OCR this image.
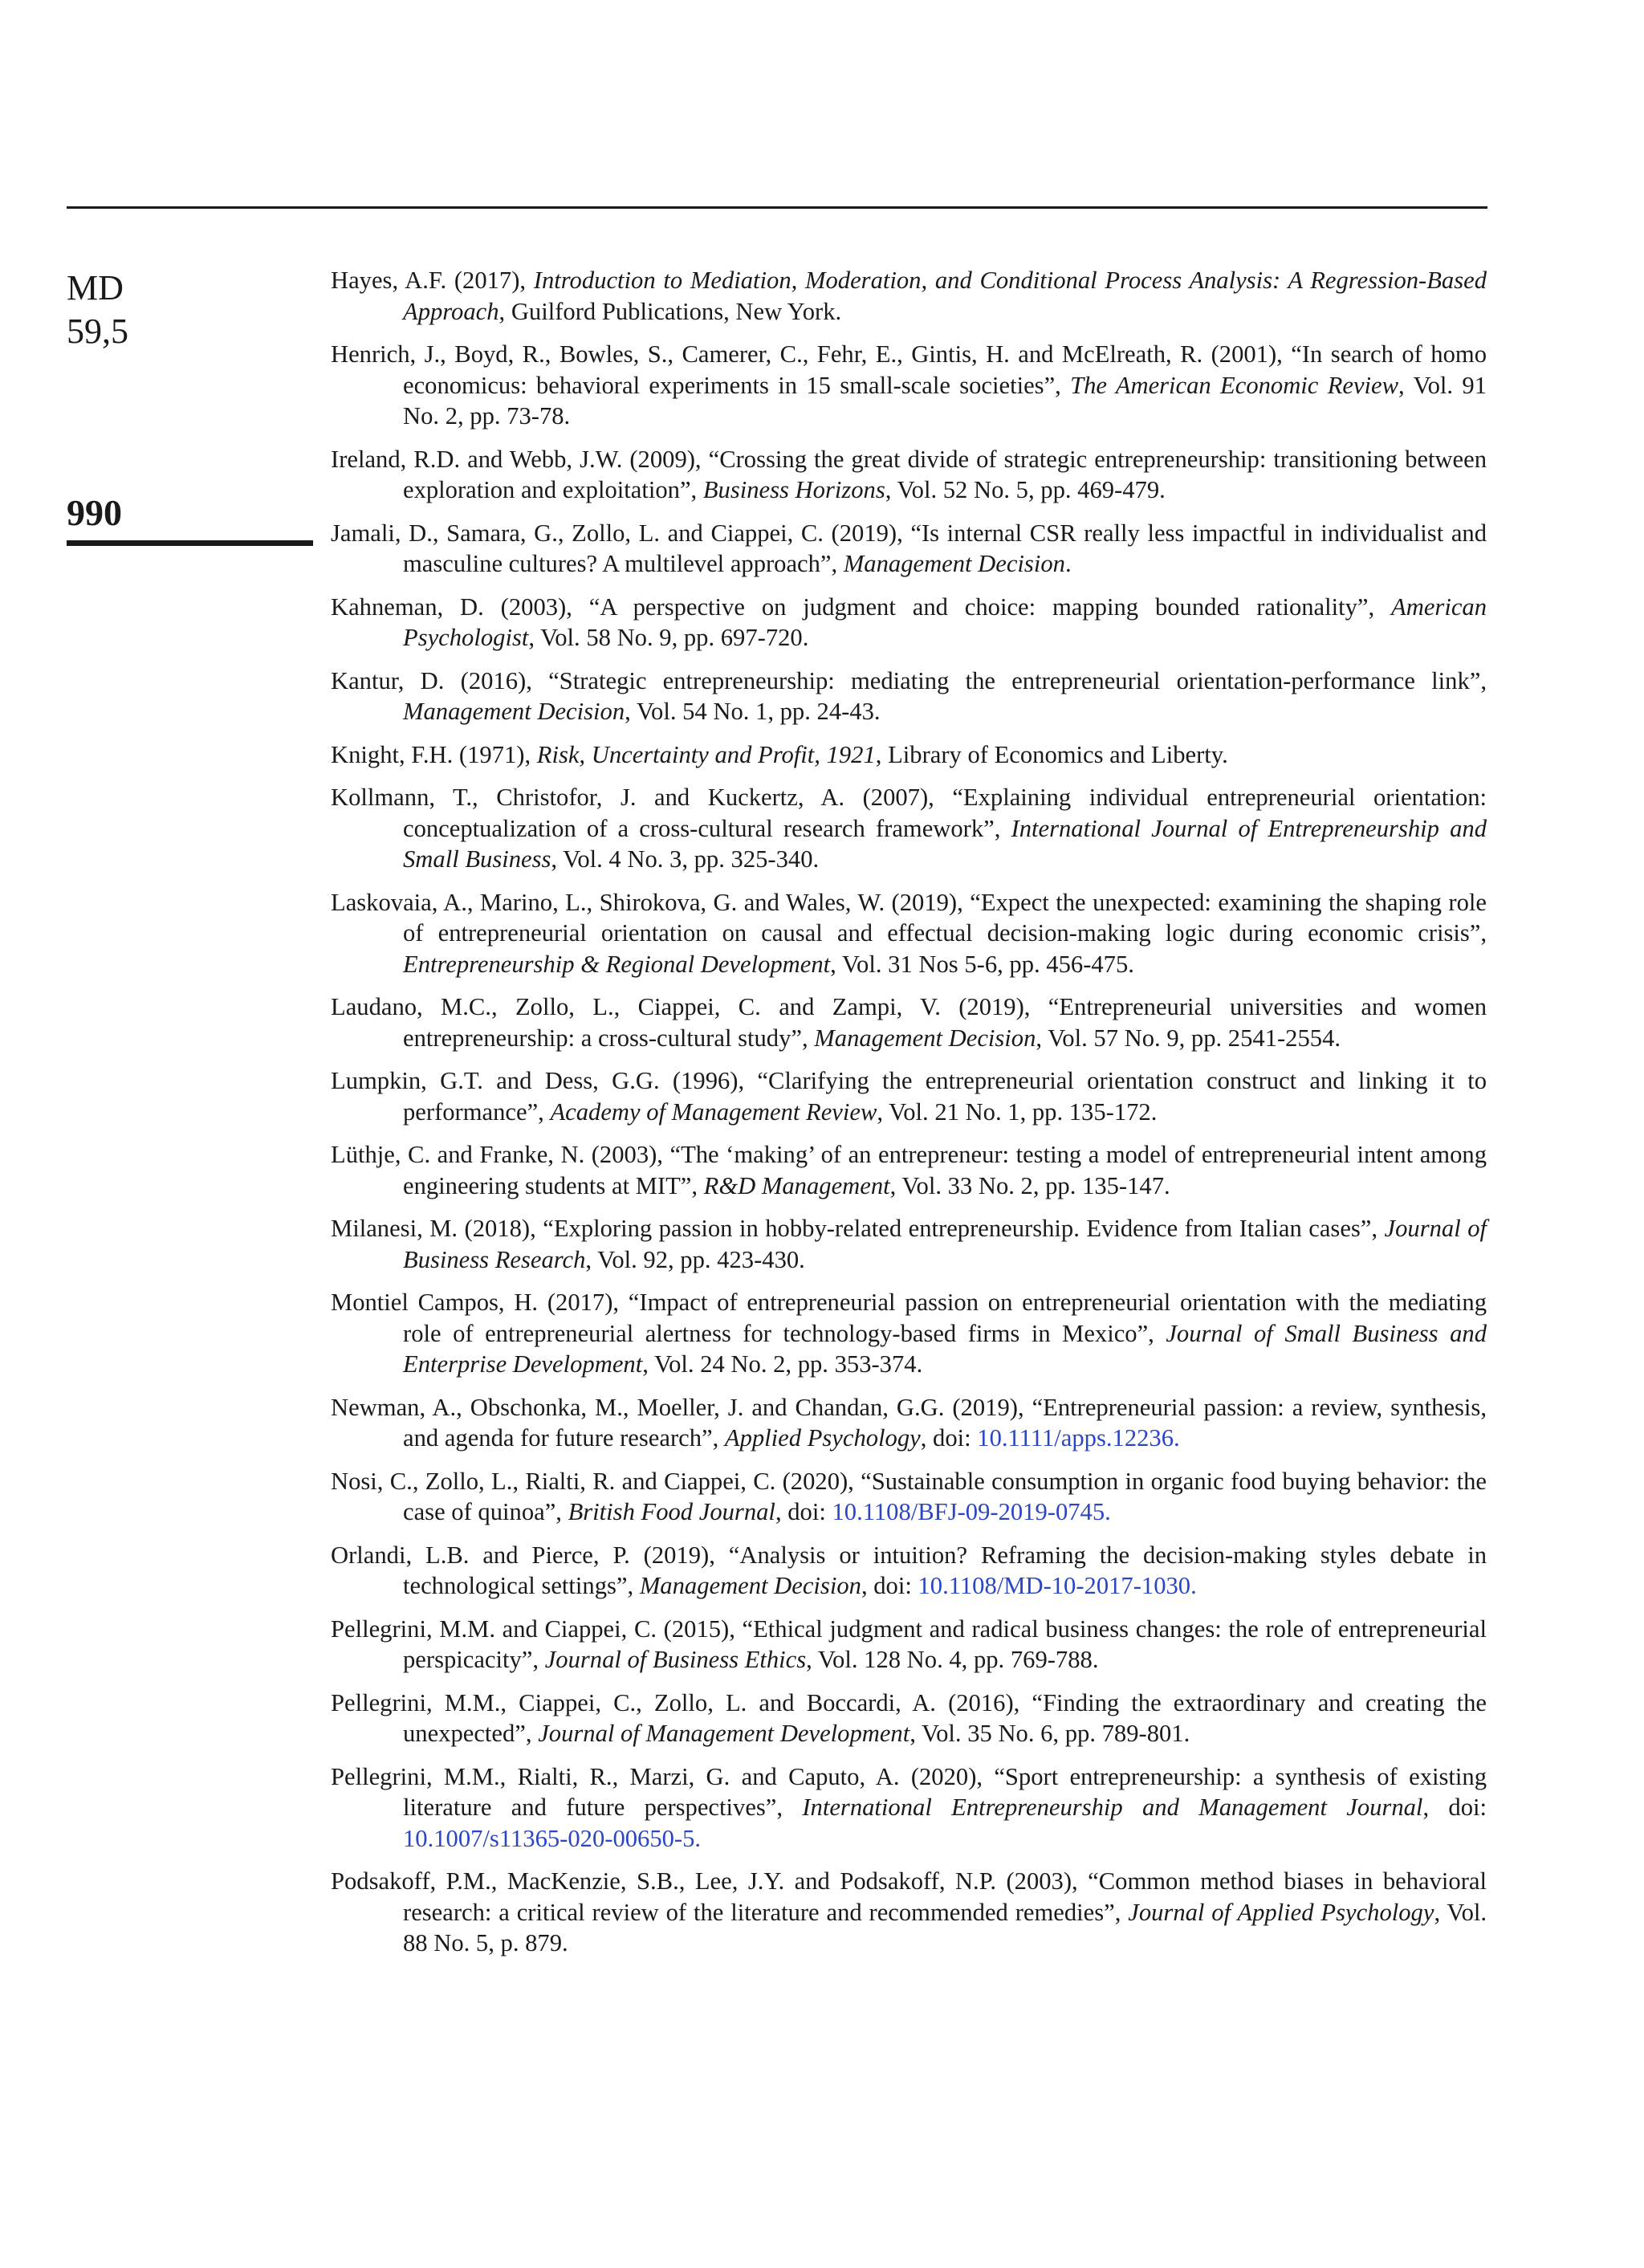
MD
59,5
990
Hayes, A.F. (2017), Introduction to Mediation, Moderation, and Conditional Process Analysis: A Regression-Based Approach, Guilford Publications, New York.
Henrich, J., Boyd, R., Bowles, S., Camerer, C., Fehr, E., Gintis, H. and McElreath, R. (2001), “In search of homo economicus: behavioral experiments in 15 small-scale societies”, The American Economic Review, Vol. 91 No. 2, pp. 73-78.
Ireland, R.D. and Webb, J.W. (2009), “Crossing the great divide of strategic entrepreneurship: transitioning between exploration and exploitation”, Business Horizons, Vol. 52 No. 5, pp. 469-479.
Jamali, D., Samara, G., Zollo, L. and Ciappei, C. (2019), “Is internal CSR really less impactful in individualist and masculine cultures? A multilevel approach”, Management Decision.
Kahneman, D. (2003), “A perspective on judgment and choice: mapping bounded rationality”, American Psychologist, Vol. 58 No. 9, pp. 697-720.
Kantur, D. (2016), “Strategic entrepreneurship: mediating the entrepreneurial orientation-performance link”, Management Decision, Vol. 54 No. 1, pp. 24-43.
Knight, F.H. (1971), Risk, Uncertainty and Profit, 1921, Library of Economics and Liberty.
Kollmann, T., Christofor, J. and Kuckertz, A. (2007), “Explaining individual entrepreneurial orientation: conceptualization of a cross-cultural research framework”, International Journal of Entrepreneurship and Small Business, Vol. 4 No. 3, pp. 325-340.
Laskovaia, A., Marino, L., Shirokova, G. and Wales, W. (2019), “Expect the unexpected: examining the shaping role of entrepreneurial orientation on causal and effectual decision-making logic during economic crisis”, Entrepreneurship & Regional Development, Vol. 31 Nos 5-6, pp. 456-475.
Laudano, M.C., Zollo, L., Ciappei, C. and Zampi, V. (2019), “Entrepreneurial universities and women entrepreneurship: a cross-cultural study”, Management Decision, Vol. 57 No. 9, pp. 2541-2554.
Lumpkin, G.T. and Dess, G.G. (1996), “Clarifying the entrepreneurial orientation construct and linking it to performance”, Academy of Management Review, Vol. 21 No. 1, pp. 135-172.
Lüthje, C. and Franke, N. (2003), “The ‘making’ of an entrepreneur: testing a model of entrepreneurial intent among engineering students at MIT”, R&D Management, Vol. 33 No. 2, pp. 135-147.
Milanesi, M. (2018), “Exploring passion in hobby-related entrepreneurship. Evidence from Italian cases”, Journal of Business Research, Vol. 92, pp. 423-430.
Montiel Campos, H. (2017), “Impact of entrepreneurial passion on entrepreneurial orientation with the mediating role of entrepreneurial alertness for technology-based firms in Mexico”, Journal of Small Business and Enterprise Development, Vol. 24 No. 2, pp. 353-374.
Newman, A., Obschonka, M., Moeller, J. and Chandan, G.G. (2019), “Entrepreneurial passion: a review, synthesis, and agenda for future research”, Applied Psychology, doi: 10.1111/apps.12236.
Nosi, C., Zollo, L., Rialti, R. and Ciappei, C. (2020), “Sustainable consumption in organic food buying behavior: the case of quinoa”, British Food Journal, doi: 10.1108/BFJ-09-2019-0745.
Orlandi, L.B. and Pierce, P. (2019), “Analysis or intuition? Reframing the decision-making styles debate in technological settings”, Management Decision, doi: 10.1108/MD-10-2017-1030.
Pellegrini, M.M. and Ciappei, C. (2015), “Ethical judgment and radical business changes: the role of entrepreneurial perspicacity”, Journal of Business Ethics, Vol. 128 No. 4, pp. 769-788.
Pellegrini, M.M., Ciappei, C., Zollo, L. and Boccardi, A. (2016), “Finding the extraordinary and creating the unexpected”, Journal of Management Development, Vol. 35 No. 6, pp. 789-801.
Pellegrini, M.M., Rialti, R., Marzi, G. and Caputo, A. (2020), “Sport entrepreneurship: a synthesis of existing literature and future perspectives”, International Entrepreneurship and Management Journal, doi: 10.1007/s11365-020-00650-5.
Podsakoff, P.M., MacKenzie, S.B., Lee, J.Y. and Podsakoff, N.P. (2003), “Common method biases in behavioral research: a critical review of the literature and recommended remedies”, Journal of Applied Psychology, Vol. 88 No. 5, p. 879.
